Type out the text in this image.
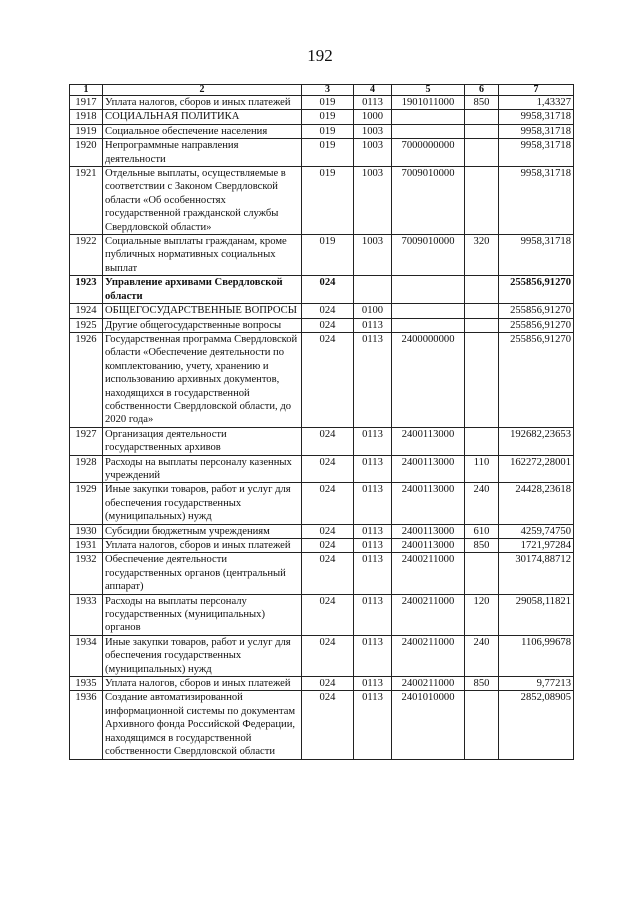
192
1	2	3	4	5	6	7
1917	Уплата налогов, сборов и иных платежей	019	0113	1901011000	850	1,43327
1918	СОЦИАЛЬНАЯ ПОЛИТИКА	019	1000			9958,31718
1919	Социальное обеспечение населения	019	1003			9958,31718
1920	Непрограммные направления деятельности	019	1003	7000000000		9958,31718
1921	Отдельные выплаты, осуществляемые в соответствии с Законом Свердловской области «Об особенностях государственной гражданской службы Свердловской области»	019	1003	7009010000		9958,31718
1922	Социальные выплаты гражданам, кроме публичных нормативных социальных выплат	019	1003	7009010000	320	9958,31718
1923	Управление архивами Свердловской области	024				255856,91270
1924	ОБЩЕГОСУДАРСТВЕННЫЕ ВОПРОСЫ	024	0100			255856,91270
1925	Другие общегосударственные вопросы	024	0113			255856,91270
1926	Государственная программа Свердловской области «Обеспечение деятельности по комплектованию, учету, хранению и использованию архивных документов, находящихся в государственной собственности Свердловской области, до 2020 года»	024	0113	2400000000		255856,91270
1927	Организация деятельности государственных архивов	024	0113	2400113000		192682,23653
1928	Расходы на выплаты персоналу казенных учреждений	024	0113	2400113000	110	162272,28001
1929	Иные закупки товаров, работ и услуг для обеспечения государственных (муниципальных) нужд	024	0113	2400113000	240	24428,23618
1930	Субсидии бюджетным учреждениям	024	0113	2400113000	610	4259,74750
1931	Уплата налогов, сборов и иных платежей	024	0113	2400113000	850	1721,97284
1932	Обеспечение деятельности государственных органов (центральный аппарат)	024	0113	2400211000		30174,88712
1933	Расходы на выплаты персоналу государственных (муниципальных) органов	024	0113	2400211000	120	29058,11821
1934	Иные закупки товаров, работ и услуг для обеспечения государственных (муниципальных) нужд	024	0113	2400211000	240	1106,99678
1935	Уплата налогов, сборов и иных платежей	024	0113	2400211000	850	9,77213
1936	Создание автоматизированной информационной системы по документам Архивного фонда Российской Федерации, находящимся в государственной собственности Свердловской области	024	0113	2401010000		2852,08905
